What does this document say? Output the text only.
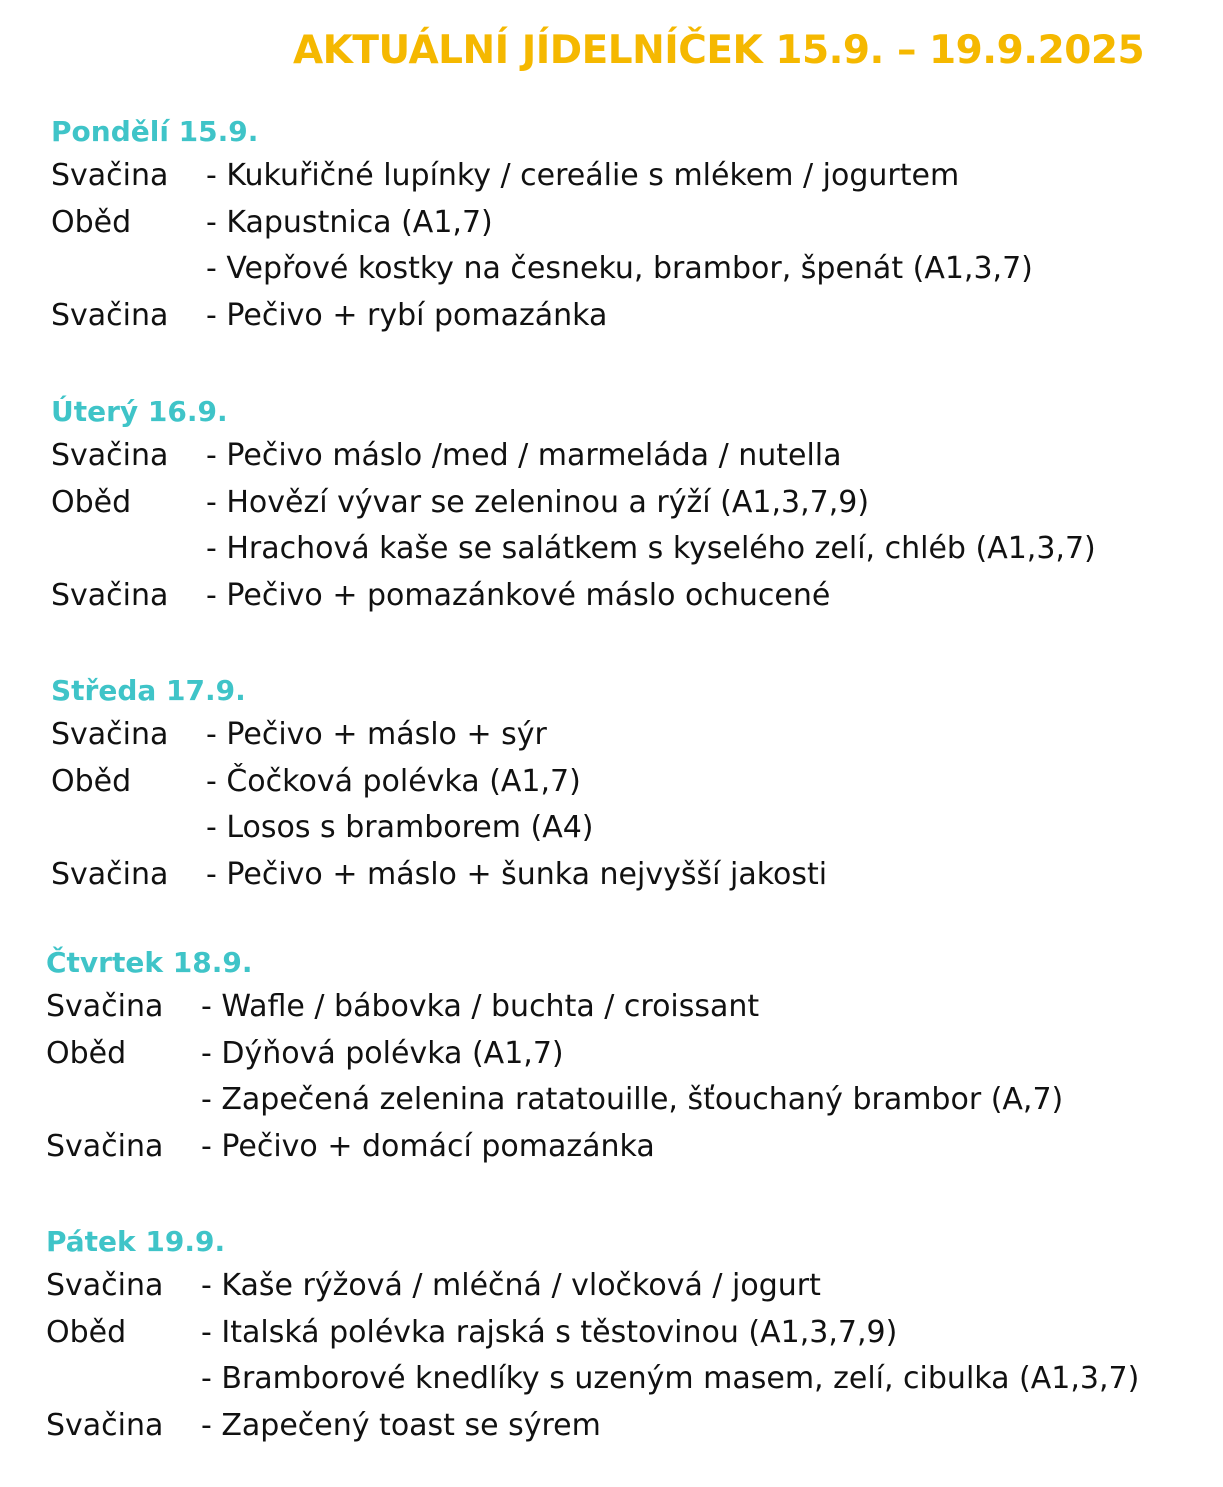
AKTUÁLNÍ JÍDELNÍČEK 15.9. – 19.9.2025
Pondělí 15.9.
Svačina - Kukuřičné lupínky / cereálie s mlékem / jogurtem
Oběd - Kapustnica (A1,7)
- Vepřové kostky na česneku, brambor, špenát (A1,3,7)
Svačina - Pečivo + rybí pomazánka
Úterý 16.9.
Svačina - Pečivo máslo /med / marmeláda / nutella
Oběd - Hovězí vývar se zeleninou a rýží (A1,3,7,9)
- Hrachová kaše se salátkem s kyselého zelí, chléb (A1,3,7)
Svačina - Pečivo + pomazánkové máslo ochucené
Středa 17.9.
Svačina - Pečivo + máslo + sýr
Oběd - Čočková polévka (A1,7)
- Losos s bramborem (A4)
Svačina - Pečivo + máslo + šunka nejvyšší jakosti
Čtvrtek 18.9.
Svačina - Wafle / bábovka / buchta / croissant
Oběd - Dýňová polévka (A1,7)
- Zapečená zelenina ratatouille, šťouchaný brambor (A,7)
Svačina - Pečivo + domácí pomazánka
Pátek 19.9.
Svačina - Kaše rýžová / mléčná / vločková / jogurt
Oběd - Italská polévka rajská s těstovinou (A1,3,7,9)
- Bramborové knedlíky s uzeným masem, zelí, cibulka (A1,3,7)
Svačina - Zapečený toast se sýrem
